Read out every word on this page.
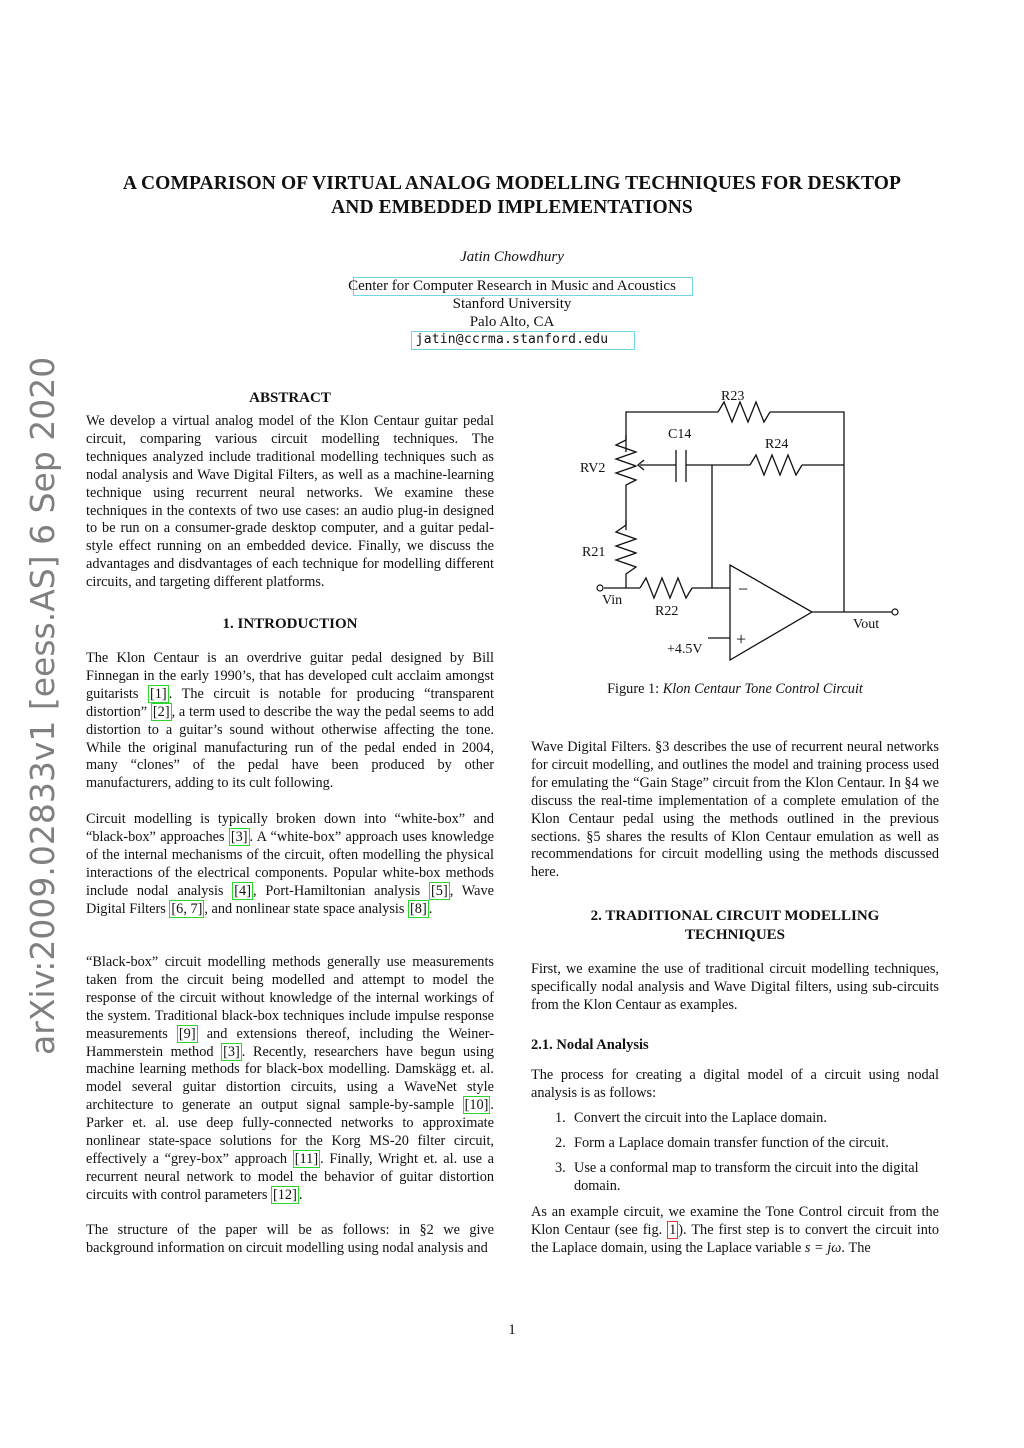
arXiv:2009.02833v1 [eess.AS] 6 Sep 2020
A COMPARISON OF VIRTUAL ANALOG MODELLING TECHNIQUES FOR DESKTOP
AND EMBEDDED IMPLEMENTATIONS
Jatin Chowdhury
Center for Computer Research in Music and Acoustics
Stanford University
Palo Alto, CA
jatin@ccrma.stanford.edu
ABSTRACT

We develop a virtual analog model of the Klon Centaur guitar pedal circuit, comparing various circuit modelling techniques. The techniques analyzed include traditional modelling techniques such as nodal analysis and Wave Digital Filters, as well as a machine-learning technique using recurrent neural networks. We examine these techniques in the contexts of two use cases: an audio plug-in designed to be run on a consumer-grade desktop computer, and a guitar pedal-style effect running on an embedded device. Finally, we discuss the advantages and disdvantages of each technique for modelling different circuits, and targeting different platforms.

1. INTRODUCTION

The Klon Centaur is an overdrive guitar pedal designed by Bill Finnegan in the early 1990’s, that has developed cult acclaim amongst guitarists [1] . The circuit is notable for producing “transparent distortion” [2] , a term used to describe the way the pedal seems to add distortion to a guitar’s sound without otherwise affecting the tone. While the original manufacturing run of the pedal ended in 2004, many “clones” of the pedal have been produced by other manufacturers, adding to its cult following.

Circuit modelling is typically broken down into “white-box” and “black-box” approaches [3] . A “white-box” approach uses knowledge of the internal mechanisms of the circuit, often modelling the physical interactions of the electrical components. Popular white-box methods include nodal analysis [4] , Port-Hamiltonian analysis [5] , Wave Digital Filters [6, 7] , and nonlinear state space analysis [8] .

“Black-box” circuit modelling methods generally use measurements taken from the circuit being modelled and attempt to model the response of the circuit without knowledge of the internal workings of the system. Traditional black-box techniques include impulse response measurements [9] and extensions thereof, including the Weiner-Hammerstein method [3] . Recently, researchers have begun using machine learning methods for black-box modelling. Damskägg et. al. model several guitar distortion circuits, using a WaveNet style architecture to generate an output signal sample-by-sample [10] . Parker et. al. use deep fully-connected networks to approximate nonlinear state-space solutions for the Korg MS-20 filter circuit, effectively a “grey-box” approach [11] . Finally, Wright et. al. use a recurrent neural network to model the behavior of guitar distortion circuits with control parameters [12] .

The structure of the paper will be as follows: in §2 we give background information on circuit modelling using nodal analysis and

R23
C14
R24
RV2
R21
Vin
R22
Vout
+4.5V
−
+
Figure 1: Klon Centaur Tone Control Circuit

Wave Digital Filters. §3 describes the use of recurrent neural networks for circuit modelling, and outlines the model and training process used for emulating the “Gain Stage” circuit from the Klon Centaur. In §4 we discuss the real-time implementation of a complete emulation of the Klon Centaur pedal using the methods outlined in the previous sections. §5 shares the results of Klon Centaur emulation as well as recommendations for circuit modelling using the methods discussed here.

2. TRADITIONAL CIRCUIT MODELLING
TECHNIQUES

First, we examine the use of traditional circuit modelling techniques, specifically nodal analysis and Wave Digital filters, using sub-circuits from the Klon Centaur as examples.

2.1. Nodal Analysis

The process for creating a digital model of a circuit using nodal analysis is as follows:

1. Convert the circuit into the Laplace domain.
2. Form a Laplace domain transfer function of the circuit.
3. Use a conformal map to transform the circuit into the digital domain.

As an example circuit, we examine the Tone Control circuit from the Klon Centaur (see fig. 1 ). The first step is to convert the circuit into the Laplace domain, using the Laplace variable s = jω. The

1
